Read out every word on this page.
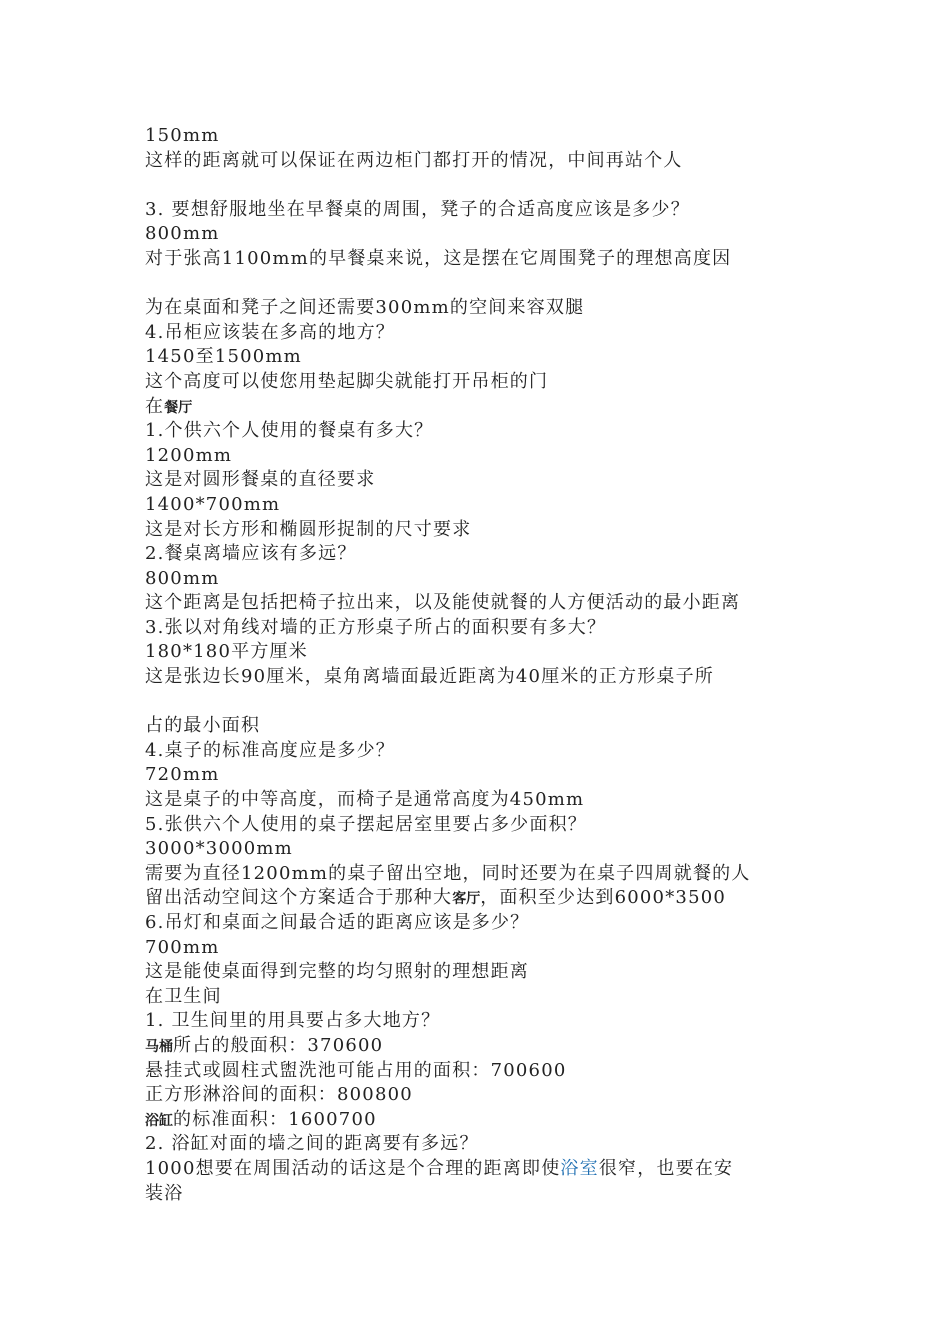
150mm
这样的距离就可以保证在两边柜门都打开的情况，中间再站个人
3. 要想舒服地坐在早餐桌的周围，凳子的合适高度应该是多少？
800mm
对于张高1100mm的早餐桌来说，这是摆在它周围凳子的理想高度因
为在桌面和凳子之间还需要300mm的空间来容双腿
4.吊柜应该装在多高的地方？
1450至1500mm
这个高度可以使您用垫起脚尖就能打开吊柜的门
在餐厅
1.个供六个人使用的餐桌有多大？
1200mm
这是对圆形餐桌的直径要求
1400*700mm
这是对长方形和椭圆形捉制的尺寸要求
2.餐桌离墙应该有多远？
800mm
这个距离是包括把椅子拉出来，以及能使就餐的人方便活动的最小距离
3.张以对角线对墙的正方形桌子所占的面积要有多大？
180*180平方厘米
这是张边长90厘米，桌角离墙面最近距离为40厘米的正方形桌子所
占的最小面积
4.桌子的标准高度应是多少？
720mm
这是桌子的中等高度，而椅子是通常高度为450mm
5.张供六个人使用的桌子摆起居室里要占多少面积？
3000*3000mm
需要为直径1200mm的桌子留出空地，同时还要为在桌子四周就餐的人
留出活动空间这个方案适合于那种大客厅，面积至少达到6000*3500
6.吊灯和桌面之间最合适的距离应该是多少？
700mm
这是能使桌面得到完整的均匀照射的理想距离
在卫生间
1. 卫生间里的用具要占多大地方？
马桶所占的般面积：370600
悬挂式或圆柱式盥洗池可能占用的面积：700600
正方形淋浴间的面积：800800
浴缸的标准面积：1600700
2. 浴缸对面的墙之间的距离要有多远？
1000想要在周围活动的话这是个合理的距离即使浴室很窄，也要在安
装浴
